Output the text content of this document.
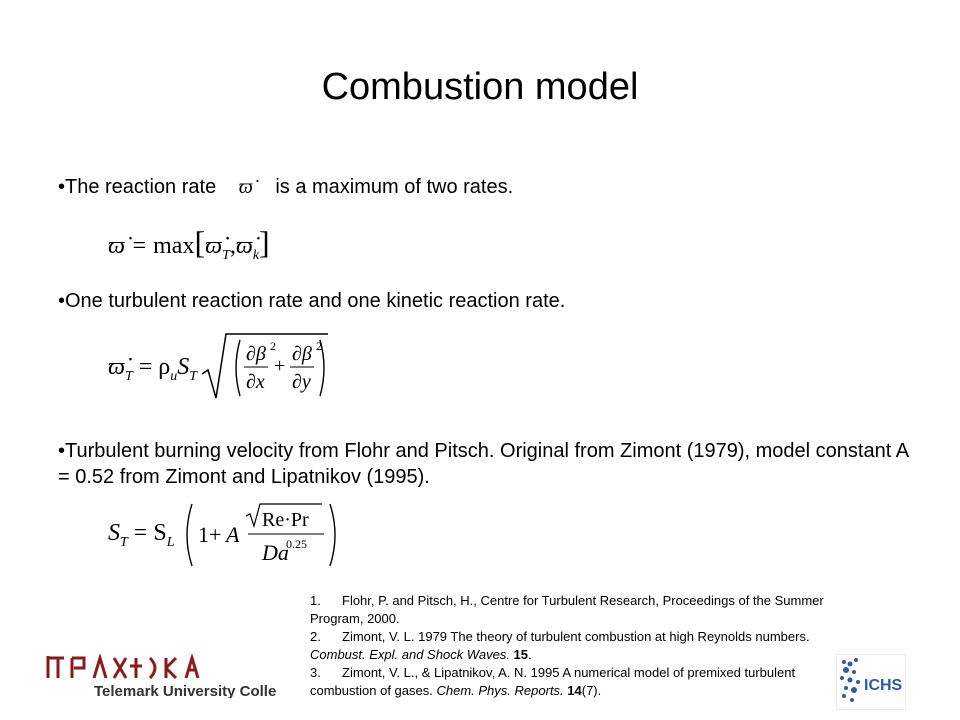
Combustion model
•The reaction rate ϖ̇ is a maximum of two rates.
ϖ̇ = $\max[ϖ̇_T,ϖ̇_k]$
•One turbulent reaction rate and one kinetic reaction rate.
$ϖ̇_T = \rho_uS_T$
∂β 2
∂x
+
∂β 2
∂y
•Turbulent burning velocity from Flohr and Pitsch. Original from Zimont (1979), model constant A = 0.52 from Zimont and Lipatnikov (1995).
$S_T = S_L$ 1+ A
Re·Pr
Da
0.25
1. Flohr, P. and Pitsch, H., Centre for Turbulent Research, Proceedings of the Summer Program, 2000.
2. Zimont, V. L. 1979 The theory of turbulent combustion at high Reynolds numbers. Combust. Expl. and Shock Waves. 15.
3. Zimont, V. L., & Lipatnikov, A. N. 1995 A numerical model of premixed turbulent combustion of gases. Chem. Phys. Reports. 14(7).
Telemark University College	ICHS
